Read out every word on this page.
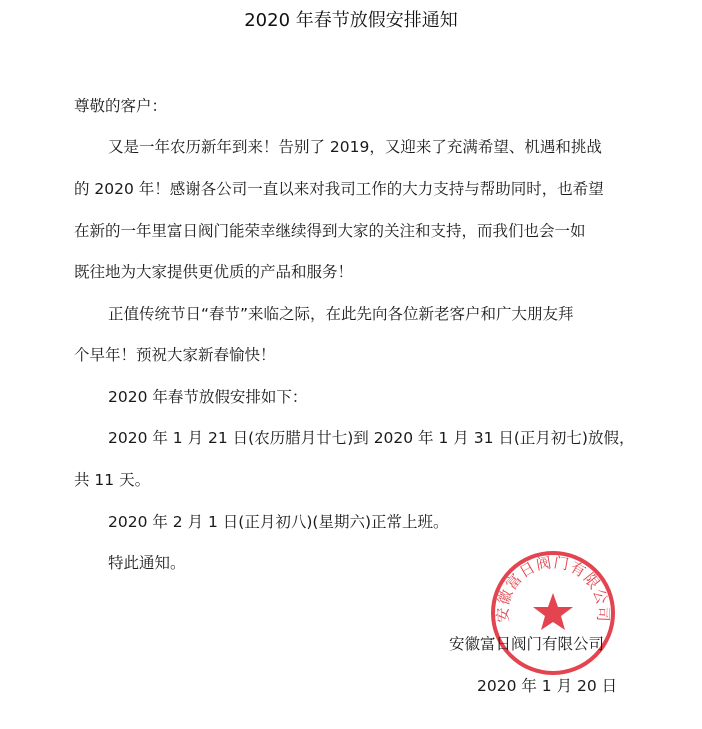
2020 年春节放假安排通知
尊敬的客户：
又是一年农历新年到来！告别了 2019，又迎来了充满希望、机遇和挑战
的 2020 年！感谢各公司一直以来对我司工作的大力支持与帮助同时，也希望
在新的一年里富日阀门能荣幸继续得到大家的关注和支持，而我们也会一如
既往地为大家提供更优质的产品和服务！
正值传统节日“春节”来临之际，在此先向各位新老客户和广大朋友拜
个早年！预祝大家新春愉快！
2020 年春节放假安排如下：
2020 年 1 月 21 日(农历腊月廿七)到 2020 年 1 月 31 日(正月初七)放假，
共 11 天。
2020 年 2 月 1 日(正月初八)(星期六)正常上班。
特此通知。
安徽富日阀门有限公司
安徽富日阀门有限公司
2020 年 1 月 20 日
